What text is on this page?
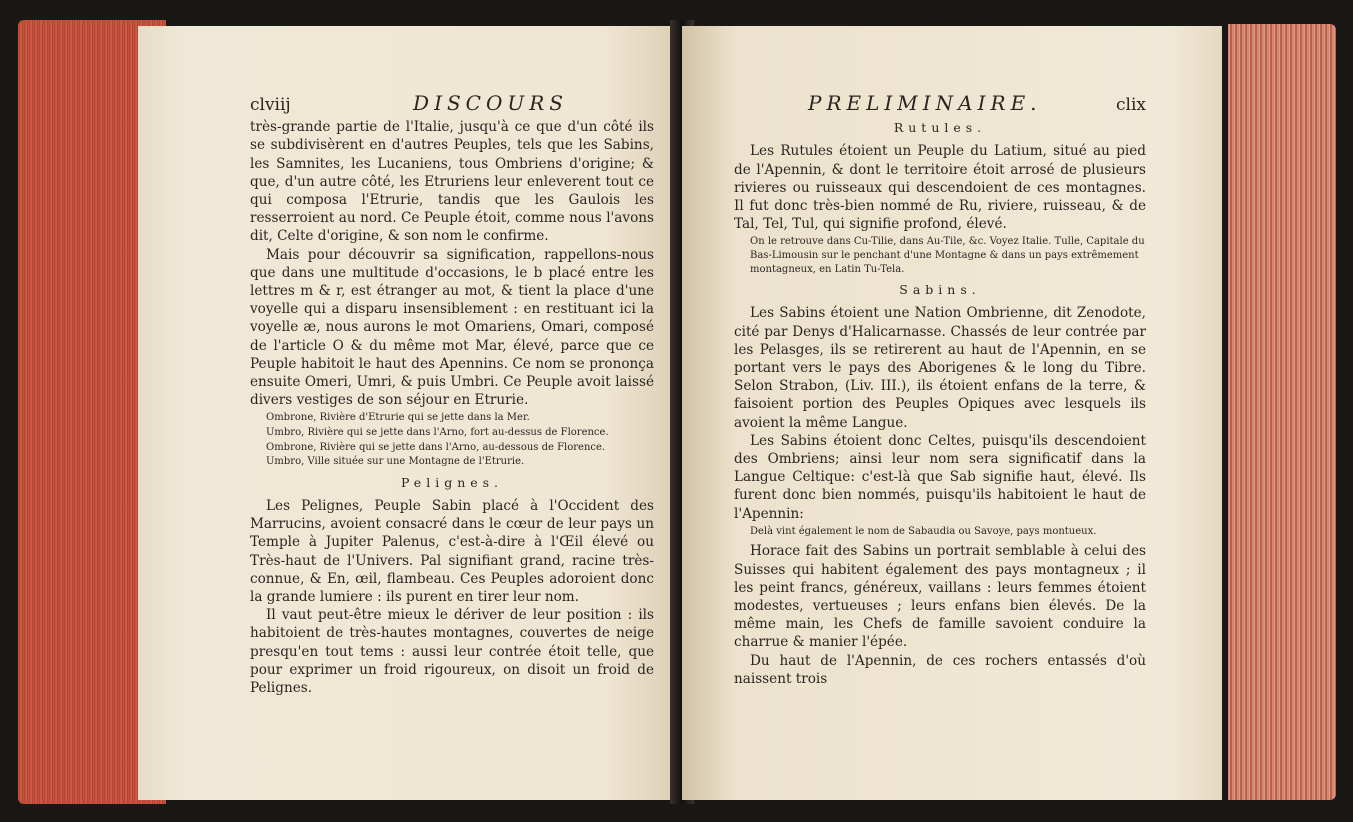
clviij	DISCOURS

très-grande partie de l'Italie, jusqu'à ce que d'un côté ils se subdivisèrent en d'autres Peuples, tels que les Sabins, les Samnites, les Lucaniens, tous Ombriens d'origine; & que, d'un autre côté, les Etruriens leur enleverent tout ce qui composa l'Etrurie, tandis que les Gaulois les resserroient au nord. Ce Peuple étoit, comme nous l'avons dit, Celte d'origine, & son nom le confirme.

Mais pour découvrir sa signification, rappellons-nous que dans une multitude d'occasions, le b placé entre les lettres m & r, est étranger au mot, & tient la place d'une voyelle qui a disparu insensiblement : en restituant ici la voyelle æ, nous aurons le mot Omariens, Omari, composé de l'article O & du même mot Mar, élevé, parce que ce Peuple habitoit le haut des Apennins. Ce nom se prononça ensuite Omeri, Umri, & puis Umbri. Ce Peuple avoit laissé divers vestiges de son séjour en Etrurie.

Ombrone, Rivière d'Etrurie qui se jette dans la Mer.
Umbro, Rivière qui se jette dans l'Arno, fort au-dessus de Florence.
Ombrone, Rivière qui se jette dans l'Arno, au-dessous de Florence.
Umbro, Ville située sur une Montagne de l'Etrurie.
Pelignes.

Les Pelignes, Peuple Sabin placé à l'Occident des Marrucins, avoient consacré dans le cœur de leur pays un Temple à Jupiter Palenus, c'est-à-dire à l'Œil élevé ou Très-haut de l'Univers. Pal signifiant grand, racine très-connue, & En, œil, flambeau. Ces Peuples adoroient donc la grande lumiere : ils purent en tirer leur nom.

Il vaut peut-être mieux le dériver de leur position : ils habitoient de très-hautes montagnes, couvertes de neige presqu'en tout tems : aussi leur contrée étoit telle, que pour exprimer un froid rigoureux, on disoit un froid de Pelignes.

PRELIMINAIRE.	clix
Rutules.

Les Rutules étoient un Peuple du Latium, situé au pied de l'Apennin, & dont le territoire étoit arrosé de plusieurs rivieres ou ruisseaux qui descendoient de ces montagnes. Il fut donc très-bien nommé de Ru, riviere, ruisseau, & de Tal, Tel, Tul, qui signifie profond, élevé.

On le retrouve dans Cu-Tilie, dans Au-Tile, &c. Voyez Italie. Tulle, Capitale du Bas-Limousin sur le penchant d'une Montagne & dans un pays extrêmement montagneux, en Latin Tu-Tela.
Sabins.

Les Sabins étoient une Nation Ombrienne, dit Zenodote, cité par Denys d'Halicarnasse. Chassés de leur contrée par les Pelasges, ils se retirerent au haut de l'Apennin, en se portant vers le pays des Aborigenes & le long du Tibre. Selon Strabon, (Liv. III.), ils étoient enfans de la terre, & faisoient portion des Peuples Opiques avec lesquels ils avoient la même Langue.

Les Sabins étoient donc Celtes, puisqu'ils descendoient des Ombriens; ainsi leur nom sera significatif dans la Langue Celtique: c'est-là que Sab signifie haut, élevé. Ils furent donc bien nommés, puisqu'ils habitoient le haut de l'Apennin:

Delà vint également le nom de Sabaudia ou Savoye, pays montueux.

Horace fait des Sabins un portrait semblable à celui des Suisses qui habitent également des pays montagneux ; il les peint francs, généreux, vaillans : leurs femmes étoient modestes, vertueuses ; leurs enfans bien élevés. De la même main, les Chefs de famille savoient conduire la charrue & manier l'épée.

Du haut de l'Apennin, de ces rochers entassés d'où naissent trois
